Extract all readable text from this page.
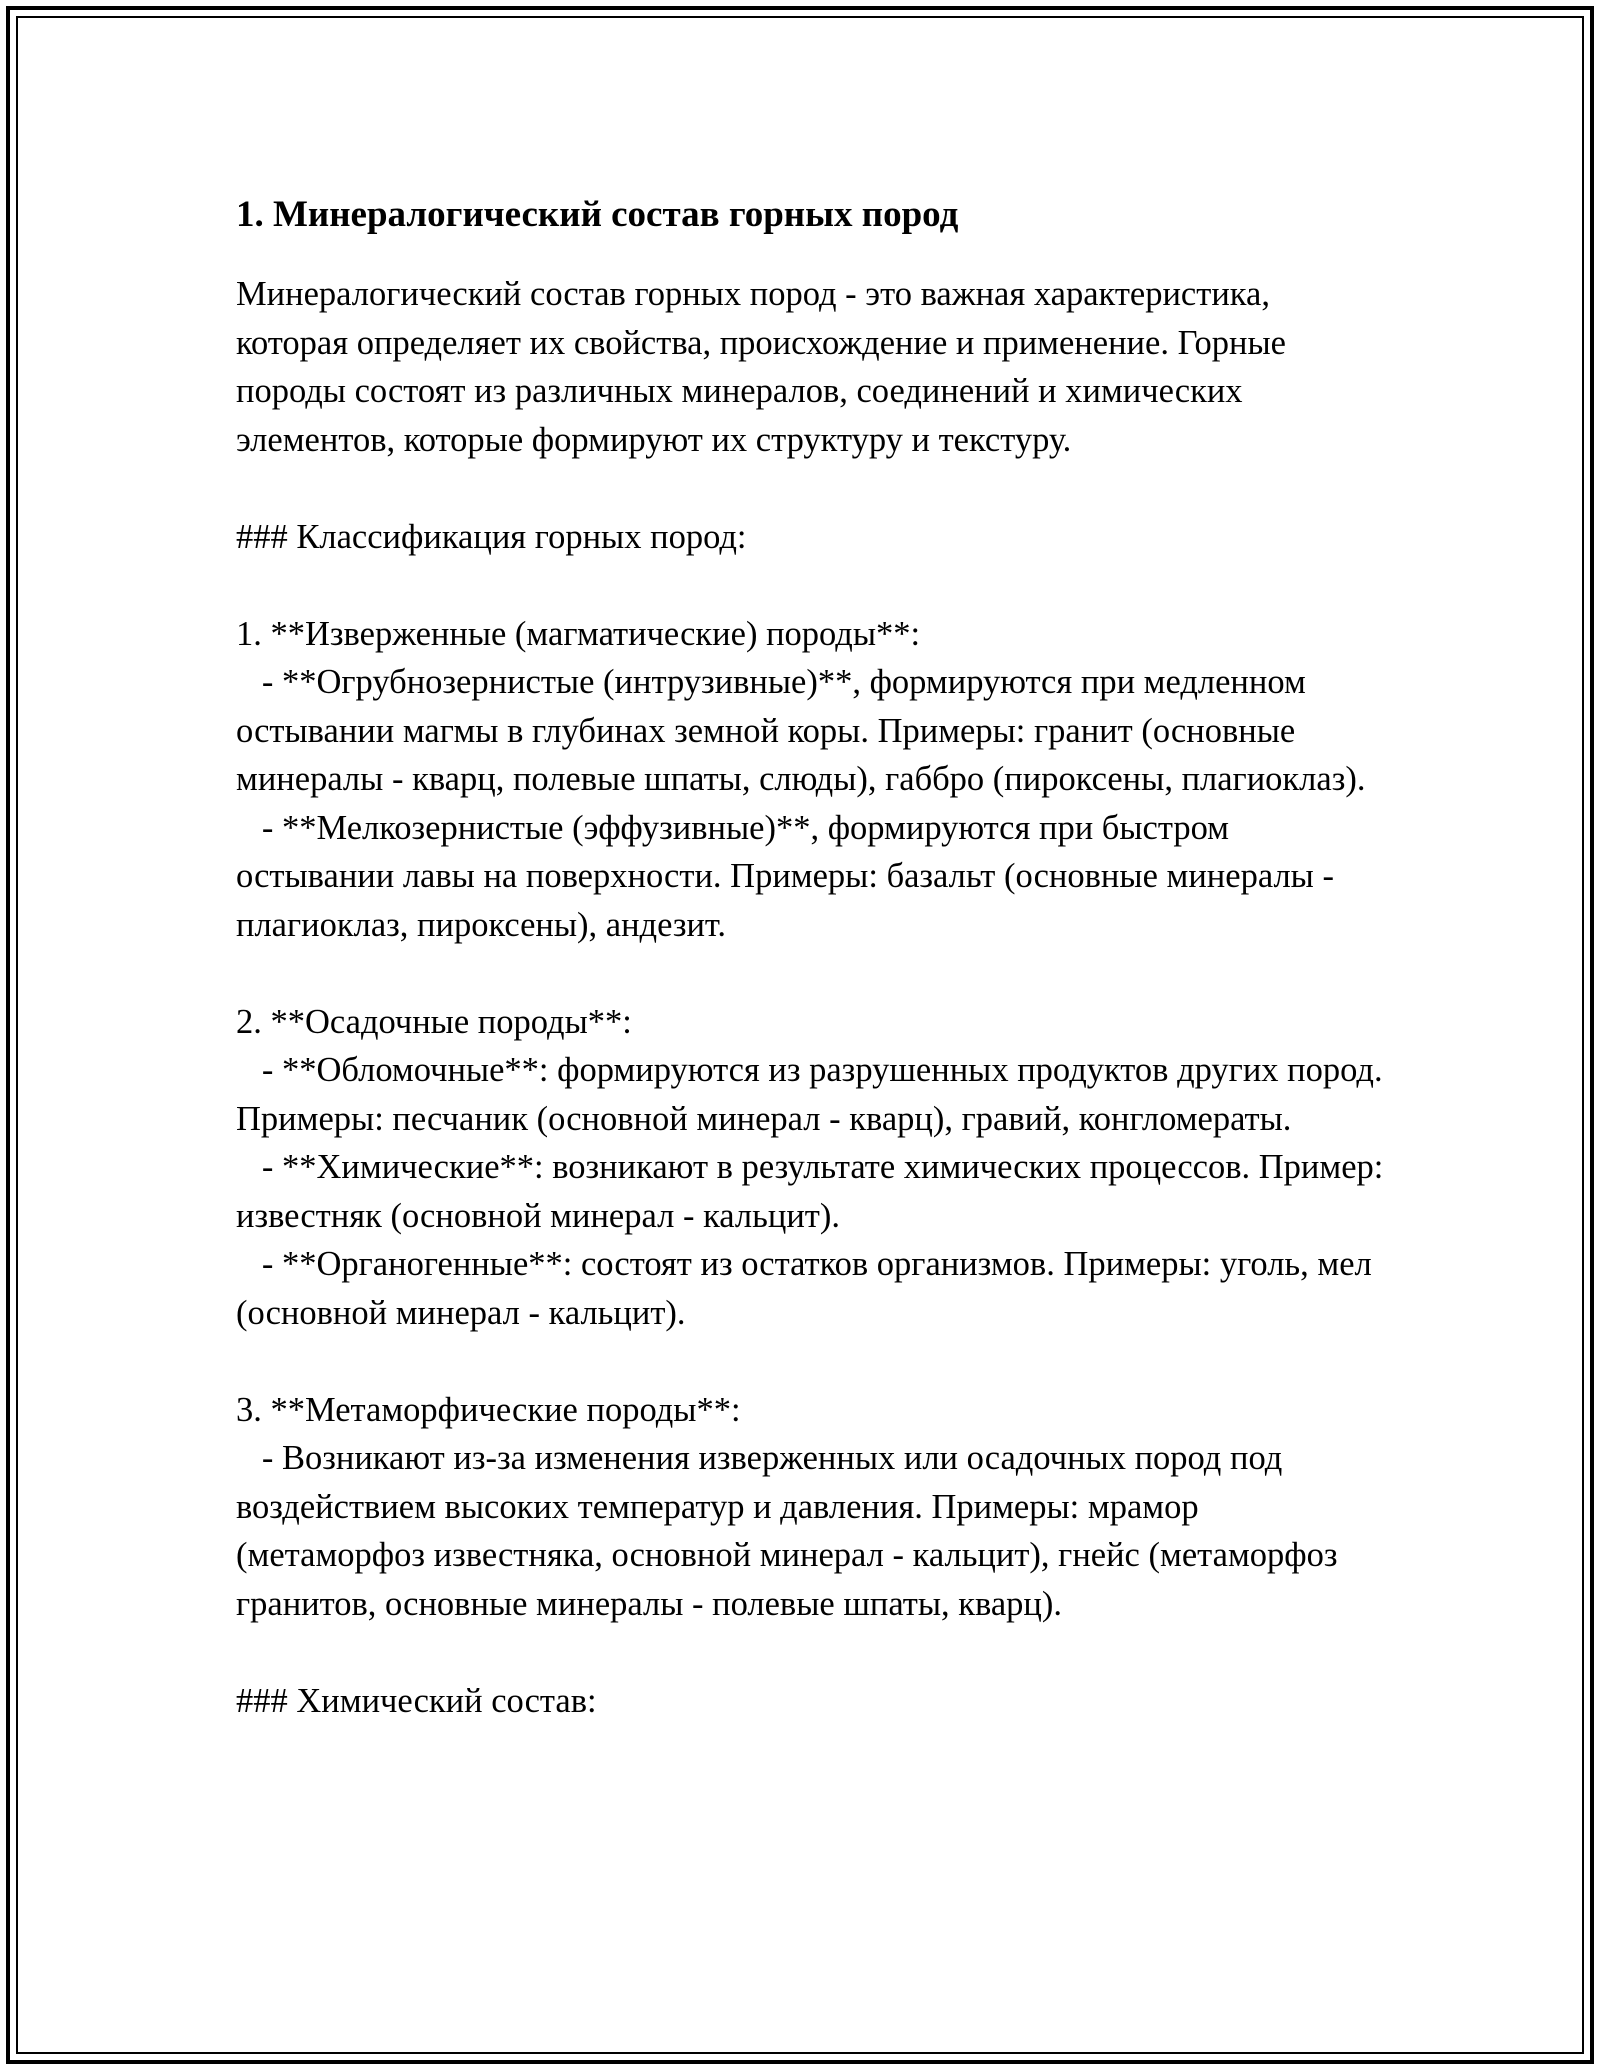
1. Минералогический состав горных пород

Минералогический состав горных пород - это важная характеристика, которая определяет их свойства, происхождение и применение. Горные породы состоят из различных минералов, соединений и химических элементов, которые формируют их структуру и текстуру.

### Классификация горных пород:

1. **Изверженные (магматические) породы**:

- **Огрубнозернистые (интрузивные)**, формируются при медленном остывании магмы в глубинах земной коры. Примеры: гранит (основные минералы - кварц, полевые шпаты, слюды), габбро (пироксены, плагиоклаз).

- **Мелкозернистые (эффузивные)**, формируются при быстром остывании лавы на поверхности. Примеры: базальт (основные минералы - плагиоклаз, пироксены), андезит.

2. **Осадочные породы**:

- **Обломочные**: формируются из разрушенных продуктов других пород. Примеры: песчаник (основной минерал - кварц), гравий, конгломераты.

- **Химические**: возникают в результате химических процессов. Пример: известняк (основной минерал - кальцит).

- **Органогенные**: состоят из остатков организмов. Примеры: уголь, мел (основной минерал - кальцит).

3. **Метаморфические породы**:

- Возникают из-за изменения изверженных или осадочных пород под воздействием высоких температур и давления. Примеры: мрамор (метаморфоз известняка, основной минерал - кальцит), гнейс (метаморфоз гранитов, основные минералы - полевые шпаты, кварц).

### Химический состав:
